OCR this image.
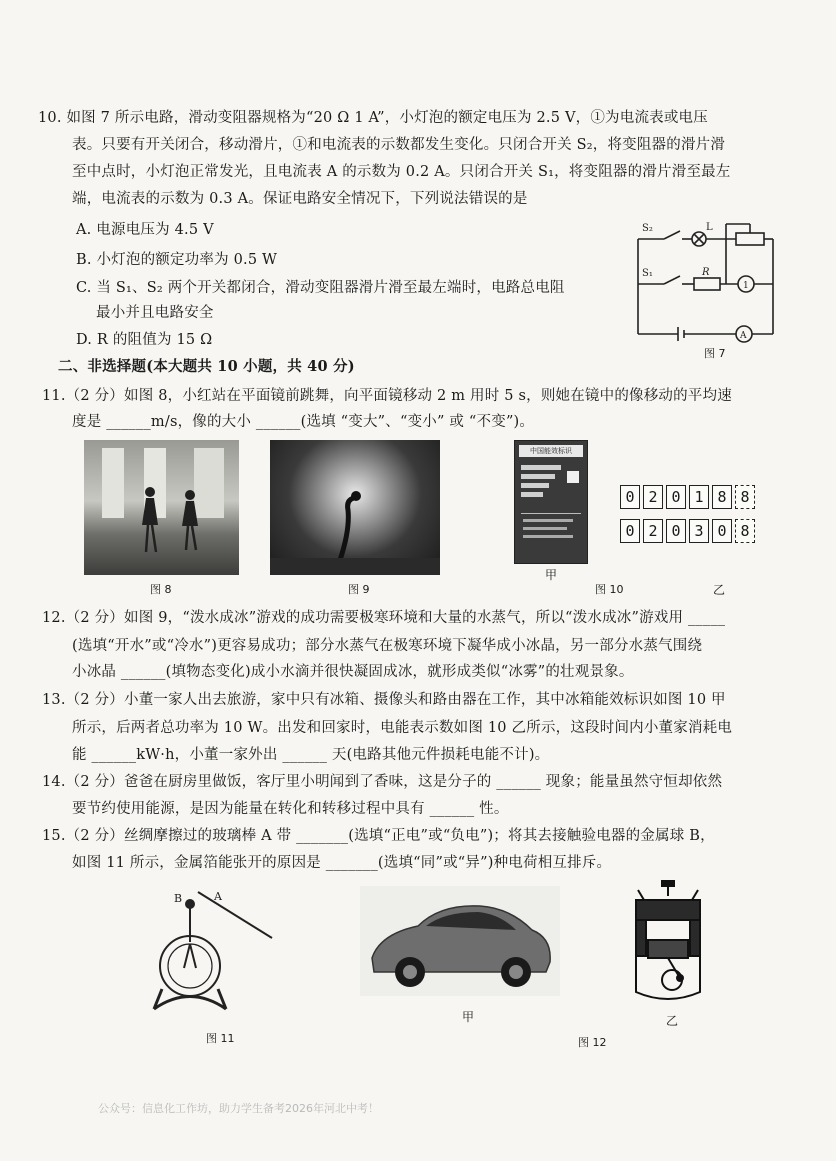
10. 如图 7 所示电路，滑动变阻器规格为“20 Ω 1 A”，小灯泡的额定电压为 2.5 V，①为电流表或电压
表。只要有开关闭合，移动滑片，①和电流表的示数都发生变化。只闭合开关 S₂，将变阻器的滑片滑
至中点时，小灯泡正常发光，且电流表 A 的示数为 0.2 A。只闭合开关 S₁，将变阻器的滑片滑至最左
端，电流表的示数为 0.3 A。保证电路安全情况下，下列说法错误的是
A. 电源电压为 4.5 V
B. 小灯泡的额定功率为 0.5 W
C. 当 S₁、S₂ 两个开关都闭合，滑动变阻器滑片滑至最左端时，电路总电阻
最小并且电路安全
D. R 的阻值为 15 Ω
S₂	L
S₁	R
1
A
图 7
二、非选择题(本大题共 10 小题，共 40 分)
11.（2 分）如图 8，小红站在平面镜前跳舞，向平面镜移动 2 m 用时 5 s，则她在镜中的像移动的平均速
度是 ______m/s，像的大小 ______(选填 “变大”、“变小” 或 “不变”)。
图 8	图 9
中国能效标识
甲
图 10
0 2 0 1 8 8
0 2 0 3 0 8
乙
12.（2 分）如图 9，“泼水成冰”游戏的成功需要极寒环境和大量的水蒸气，所以“泼水成冰”游戏用 _____
(选填“开水”或“冷水”)更容易成功；部分水蒸气在极寒环境下凝华成小冰晶，另一部分水蒸气围绕
小冰晶 ______(填物态变化)成小水滴并很快凝固成冰，就形成类似“冰雾”的壮观景象。
13.（2 分）小董一家人出去旅游，家中只有冰箱、摄像头和路由器在工作，其中冰箱能效标识如图 10 甲
所示，后两者总功率为 10 W。出发和回家时，电能表示数如图 10 乙所示，这段时间内小董家消耗电
能 ______kW·h，小董一家外出 ______ 天(电路其他元件损耗电能不计)。
14.（2 分）爸爸在厨房里做饭，客厅里小明闻到了香味，这是分子的 ______ 现象；能量虽然守恒却依然
要节约使用能源，是因为能量在转化和转移过程中具有 ______ 性。
15.（2 分）丝绸摩擦过的玻璃棒 A 带 _______(选填“正电”或“负电”)；将其去接触验电器的金属球 B，
如图 11 所示，金属箔能张开的原因是 _______(选填“同”或“异”)种电荷相互排斥。
B	A
图 11
甲	乙
图 12
公众号：信息化工作坊，助力学生备考2026年河北中考！
